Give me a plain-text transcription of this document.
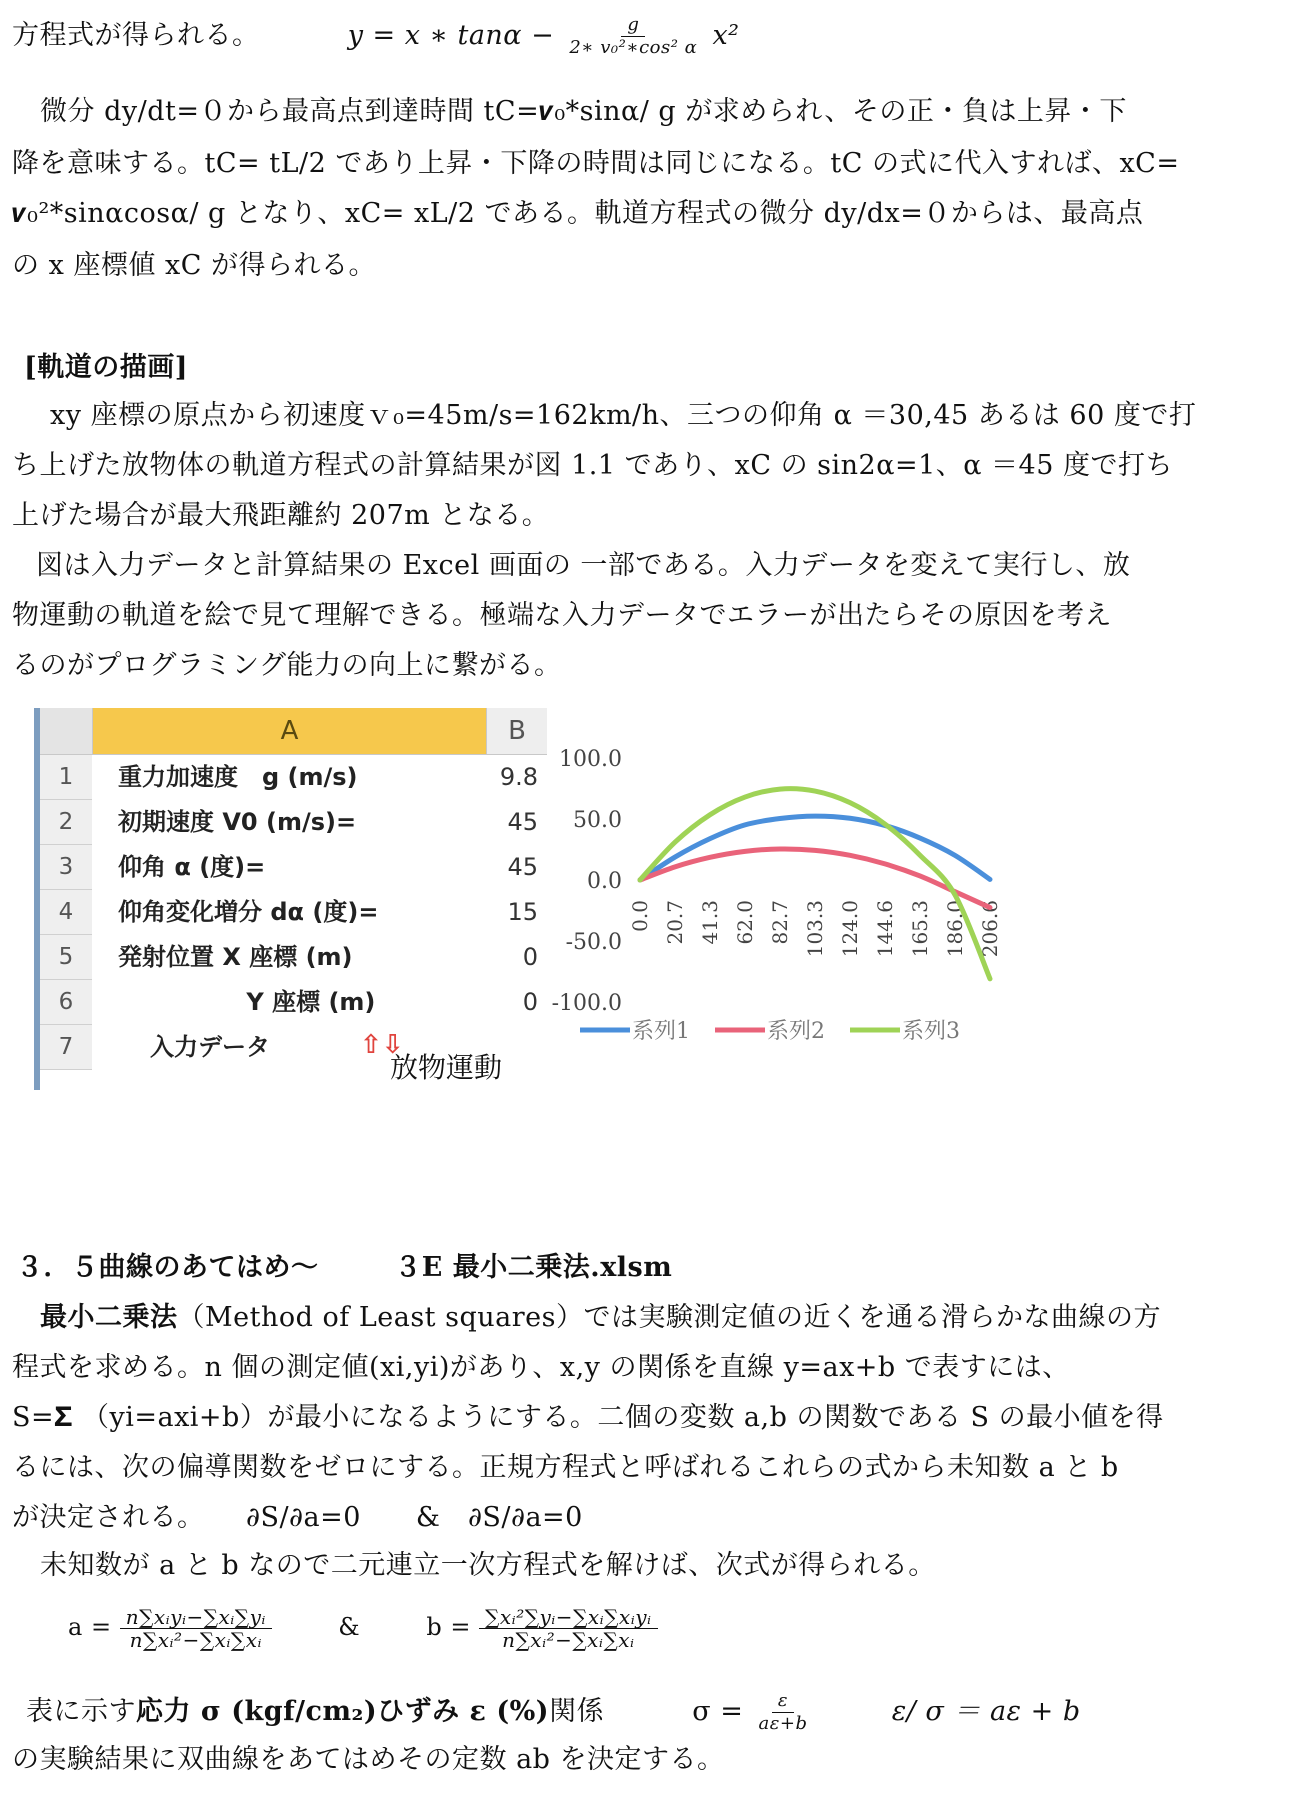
方程式が得られる。	y = x ∗ $\tan\alpha - \frac{g}{\text{2∗ v₀²∗cos² α}} x^2$
微分 dy/dt=０から最高点到達時間 tC=𝒗₀*sinα/ g が求められ、その正・負は上昇・下
降を意味する。tC= tL/2 であり上昇・下降の時間は同じになる。tC の式に代入すれば、xC=
𝒗₀²*sinαcosα/ g となり、xC= xL/2 である。軌道方程式の微分 dy/dx=０からは、最高点
の x 座標値 xC が得られる。
[軌道の描画]
xy 座標の原点から初速度ｖ₀=45m/s=162km/h、三つの仰角 α ＝30,45 あるは 60 度で打
ち上げた放物体の軌道方程式の計算結果が図 1.1 であり、xC の sin2α=1、α ＝45 度で打ち
上げた場合が最大飛距離約 207m となる。
図は入力データと計算結果の Excel 画面の 一部である。入力データを変えて実行し、放
物運動の軌道を絵で見て理解できる。極端な入力データでエラーが出たらその原因を考え
るのがプログラミング能力の向上に繋がる。
A	B
1	重力加速度　g (m/s)	9.8
2	初期速度 V0 (m/s)=	45
3	仰角 α (度)=	45
4	仰角変化増分 dα (度)=	15
5	発射位置 X 座標 (m)	0
6	　　　　　 Y 座標 (m)	0
7	入力データ	⇧⇩
放物運動
100.0
50.0
0.0
-50.0
-100.0
0.0 20.7 41.3 62.0 82.7 103.3 124.0 144.6 165.3 186.0 206.6
系列1	系列2	系列3
３．５曲線のあてはめ〜	３E 最小二乗法.xlsm
最小二乗法（Method of Least squares）では実験測定値の近くを通る滑らかな曲線の方
程式を求める。n 個の測定値(xi,yi)があり、x,y の関係を直線 y=ax+b で表すには、
S=𝚺 （yi=axi+b）が最小になるようにする。二個の変数 a,b の関数である S の最小値を得
るには、次の偏導関数をゼロにする。正規方程式と呼ばれるこれらの式から未知数 a と b
が決定される。　　∂S/∂a=0　　&　∂S/∂a=0
未知数が a と b なので二元連立一次方程式を解けば、次式が得られる。
$a = \frac{\text{n∑xᵢyᵢ−∑xᵢ∑yᵢ}}{\text{n∑xᵢ²−∑xᵢ∑xᵢ}}$	&	$b = \frac{\text{∑xᵢ²∑yᵢ−∑xᵢ∑xᵢyᵢ}}{\text{n∑xᵢ²−∑xᵢ∑xᵢ}}$
表に示す応力 σ (kgf/cm₂)ひずみ ε (%)関係	$\sigma = \frac{\varepsilon}{a\varepsilon+b}$	ε/ σ ＝ aε + b
の実験結果に双曲線をあてはめその定数 ab を決定する。
